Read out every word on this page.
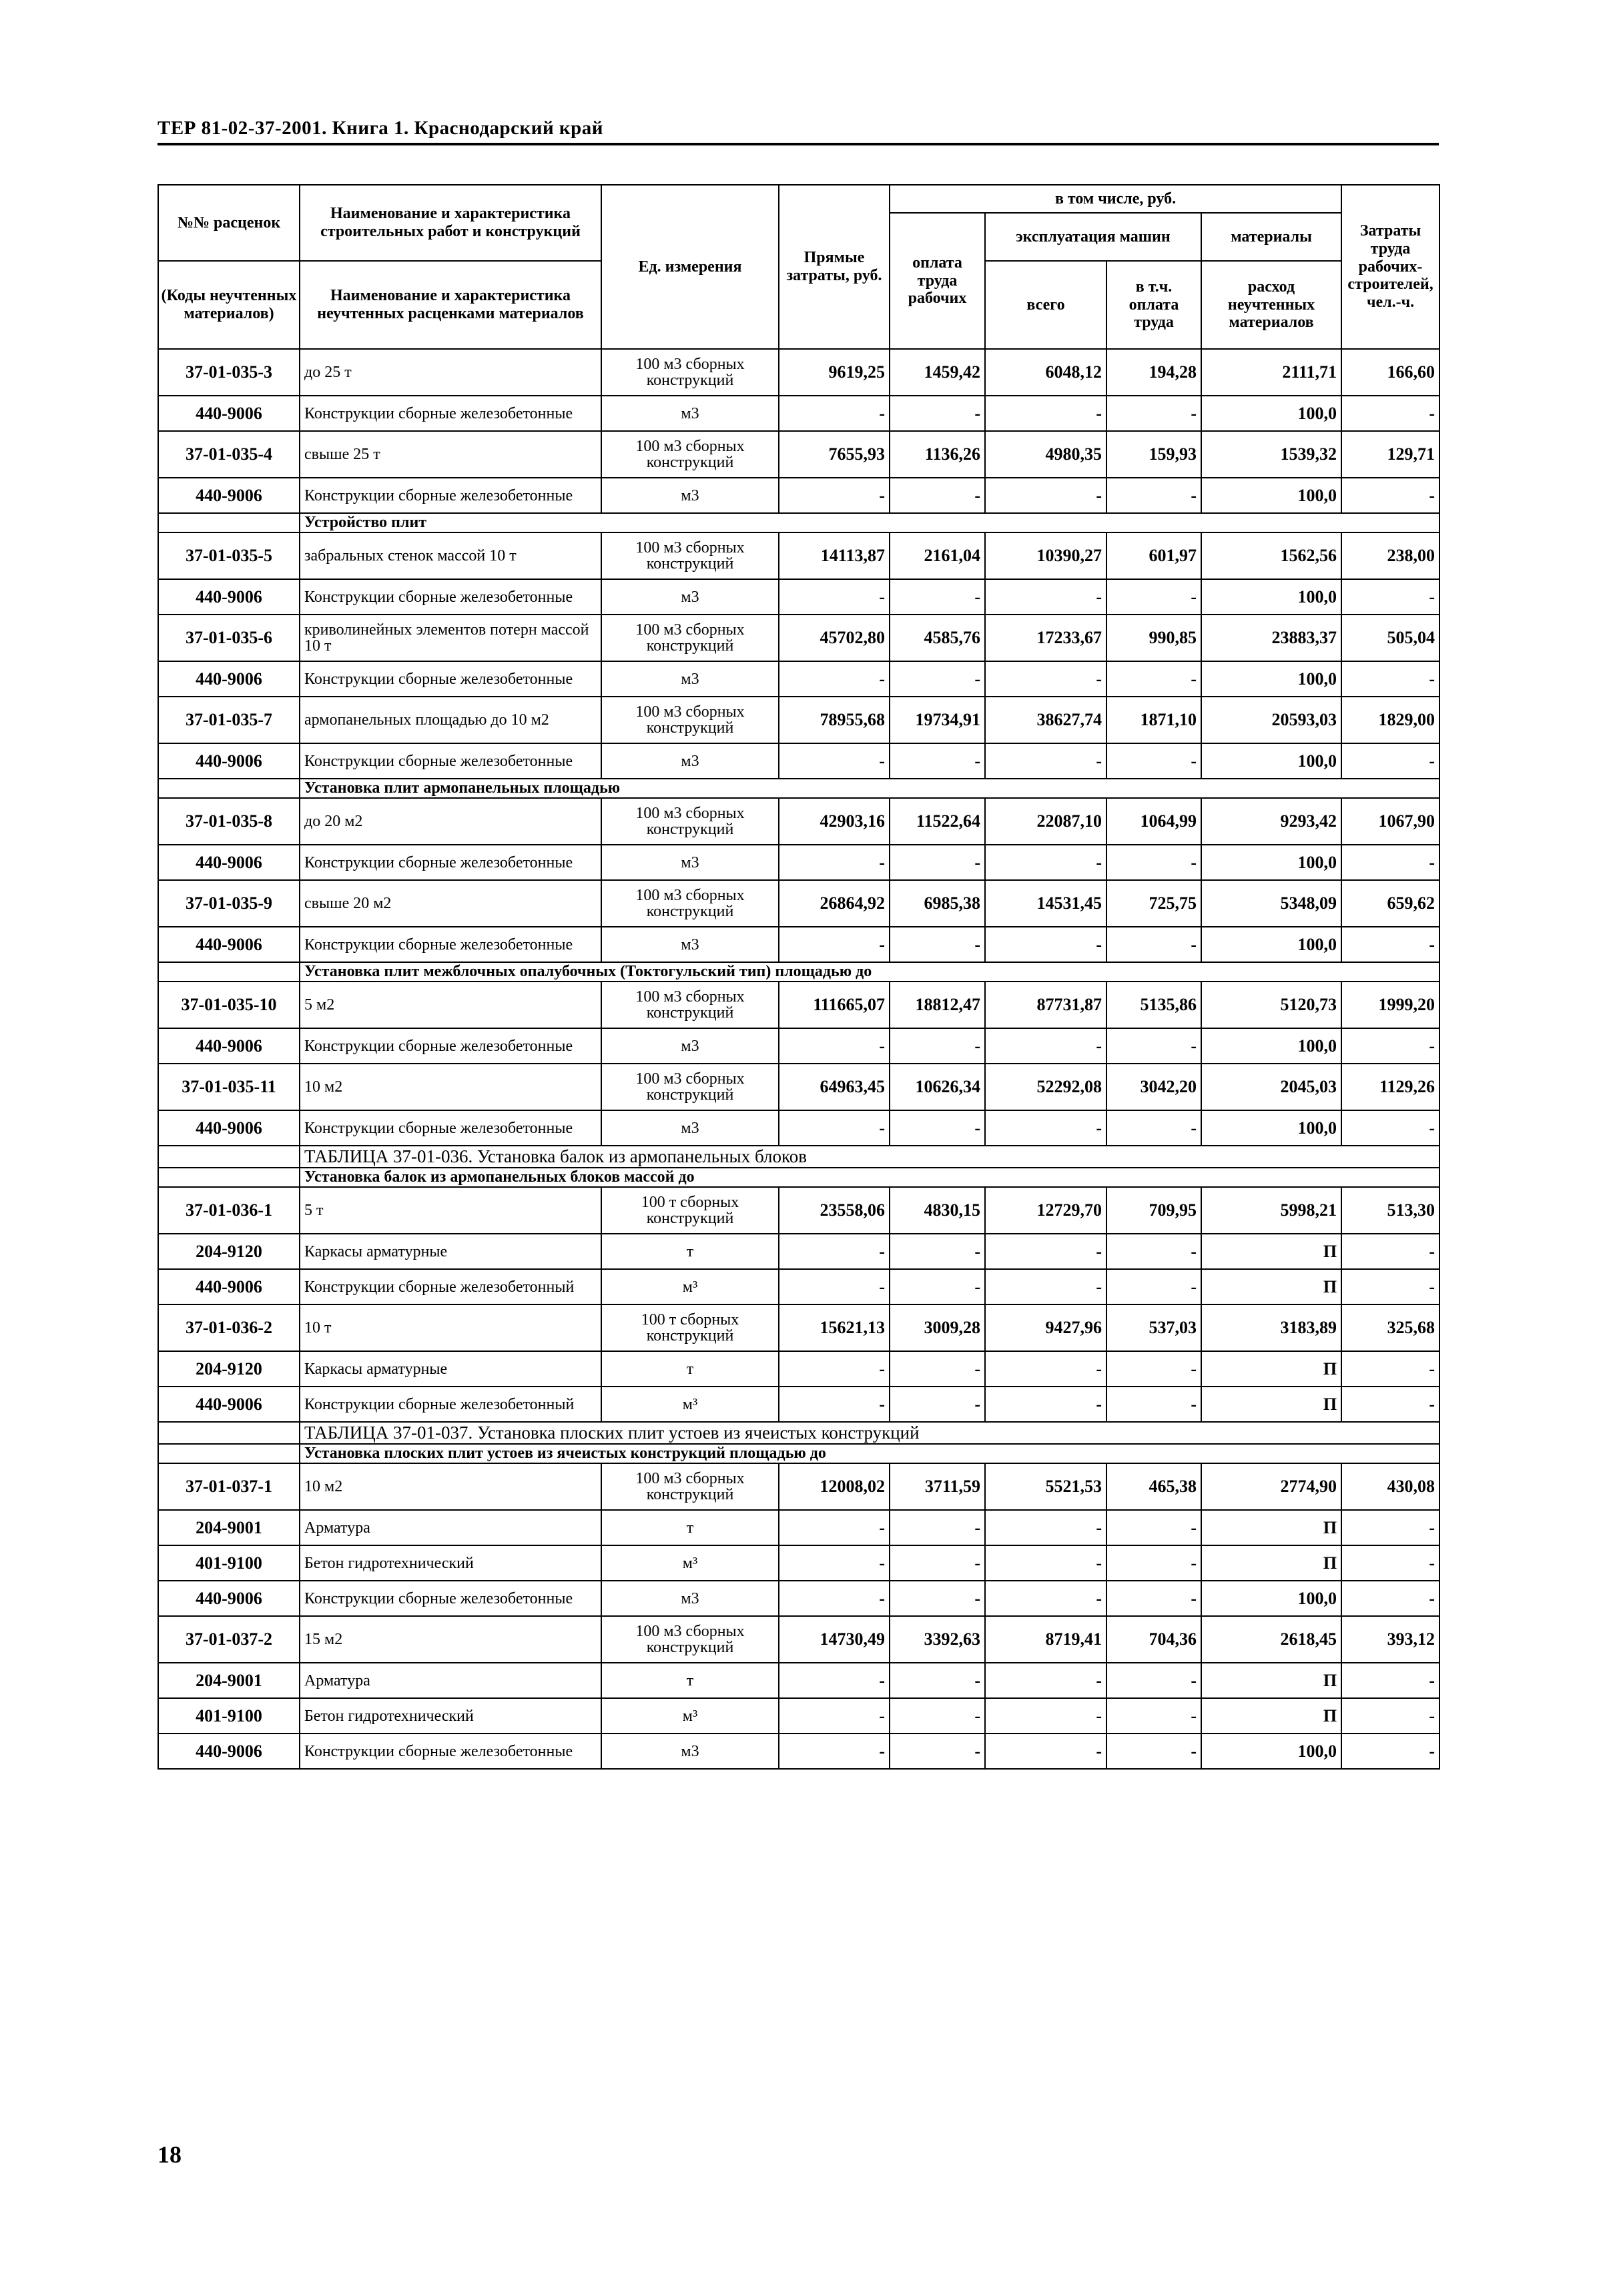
ТЕР 81-02-37-2001. Книга 1. Краснодарский край
№№ расценок	Наименование и характеристика строительных работ и конструкций	Ед. измерения	Прямые затраты, руб.	в том числе, руб.				Затраты труда рабочих-строителей, чел.-ч.
				оплата труда рабочих	эксплуатация машин		материалы	

(Коды неучтенных материалов)	Наименование и характеристика неучтенных расценками материалов				всего	в т.ч. оплата труда	расход неучтенных материалов	

37-01-035-3	до 25 т	100 м3 сборных конструкций	9619,25	1459,42	6048,12	194,28	2111,71	166,60
440-9006	Конструкции сборные железобетонные	м3	-	-	-	-	100,0	-
37-01-035-4	свыше 25 т	100 м3 сборных конструкций	7655,93	1136,26	4980,35	159,93	1539,32	129,71
440-9006	Конструкции сборные железобетонные	м3	-	-	-	-	100,0	-
	Устройство плит							
37-01-035-5	забральных стенок массой 10 т	100 м3 сборных конструкций	14113,87	2161,04	10390,27	601,97	1562,56	238,00
440-9006	Конструкции сборные железобетонные	м3	-	-	-	-	100,0	-
37-01-035-6	криволинейных элементов потерн массой 10 т	100 м3 сборных конструкций	45702,80	4585,76	17233,67	990,85	23883,37	505,04
440-9006	Конструкции сборные железобетонные	м3	-	-	-	-	100,0	-
37-01-035-7	армопанельных площадью до 10 м2	100 м3 сборных конструкций	78955,68	19734,91	38627,74	1871,10	20593,03	1829,00
440-9006	Конструкции сборные железобетонные	м3	-	-	-	-	100,0	-
	Установка плит армопанельных площадью							
37-01-035-8	до 20 м2	100 м3 сборных конструкций	42903,16	11522,64	22087,10	1064,99	9293,42	1067,90
440-9006	Конструкции сборные железобетонные	м3	-	-	-	-	100,0	-
37-01-035-9	свыше 20 м2	100 м3 сборных конструкций	26864,92	6985,38	14531,45	725,75	5348,09	659,62
440-9006	Конструкции сборные железобетонные	м3	-	-	-	-	100,0	-
	Установка плит межблочных опалубочных (Токтогульский тип) площадью до							
37-01-035-10	5 м2	100 м3 сборных конструкций	111665,07	18812,47	87731,87	5135,86	5120,73	1999,20
440-9006	Конструкции сборные железобетонные	м3	-	-	-	-	100,0	-
37-01-035-11	10 м2	100 м3 сборных конструкций	64963,45	10626,34	52292,08	3042,20	2045,03	1129,26
440-9006	Конструкции сборные железобетонные	м3	-	-	-	-	100,0	-
	ТАБЛИЦА 37-01-036. Установка балок из армопанельных блоков							
	Установка балок из армопанельных блоков массой до							
37-01-036-1	5 т	100 т сборных конструкций	23558,06	4830,15	12729,70	709,95	5998,21	513,30
204-9120	Каркасы арматурные	т	-	-	-	-	П	-
440-9006	Конструкции сборные железобетонный	м³	-	-	-	-	П	-
37-01-036-2	10 т	100 т сборных конструкций	15621,13	3009,28	9427,96	537,03	3183,89	325,68
204-9120	Каркасы арматурные	т	-	-	-	-	П	-
440-9006	Конструкции сборные железобетонный	м³	-	-	-	-	П	-
	ТАБЛИЦА 37-01-037. Установка плоских плит устоев из ячеистых конструкций							
	Установка плоских плит устоев из ячеистых конструкций площадью до							
37-01-037-1	10 м2	100 м3 сборных конструкций	12008,02	3711,59	5521,53	465,38	2774,90	430,08
204-9001	Арматура	т	-	-	-	-	П	-
401-9100	Бетон гидротехнический	м³	-	-	-	-	П	-
440-9006	Конструкции сборные железобетонные	м3	-	-	-	-	100,0	-
37-01-037-2	15 м2	100 м3 сборных конструкций	14730,49	3392,63	8719,41	704,36	2618,45	393,12
204-9001	Арматура	т	-	-	-	-	П	-
401-9100	Бетон гидротехнический	м³	-	-	-	-	П	-
440-9006	Конструкции сборные железобетонные	м3	-	-	-	-	100,0	-
18
